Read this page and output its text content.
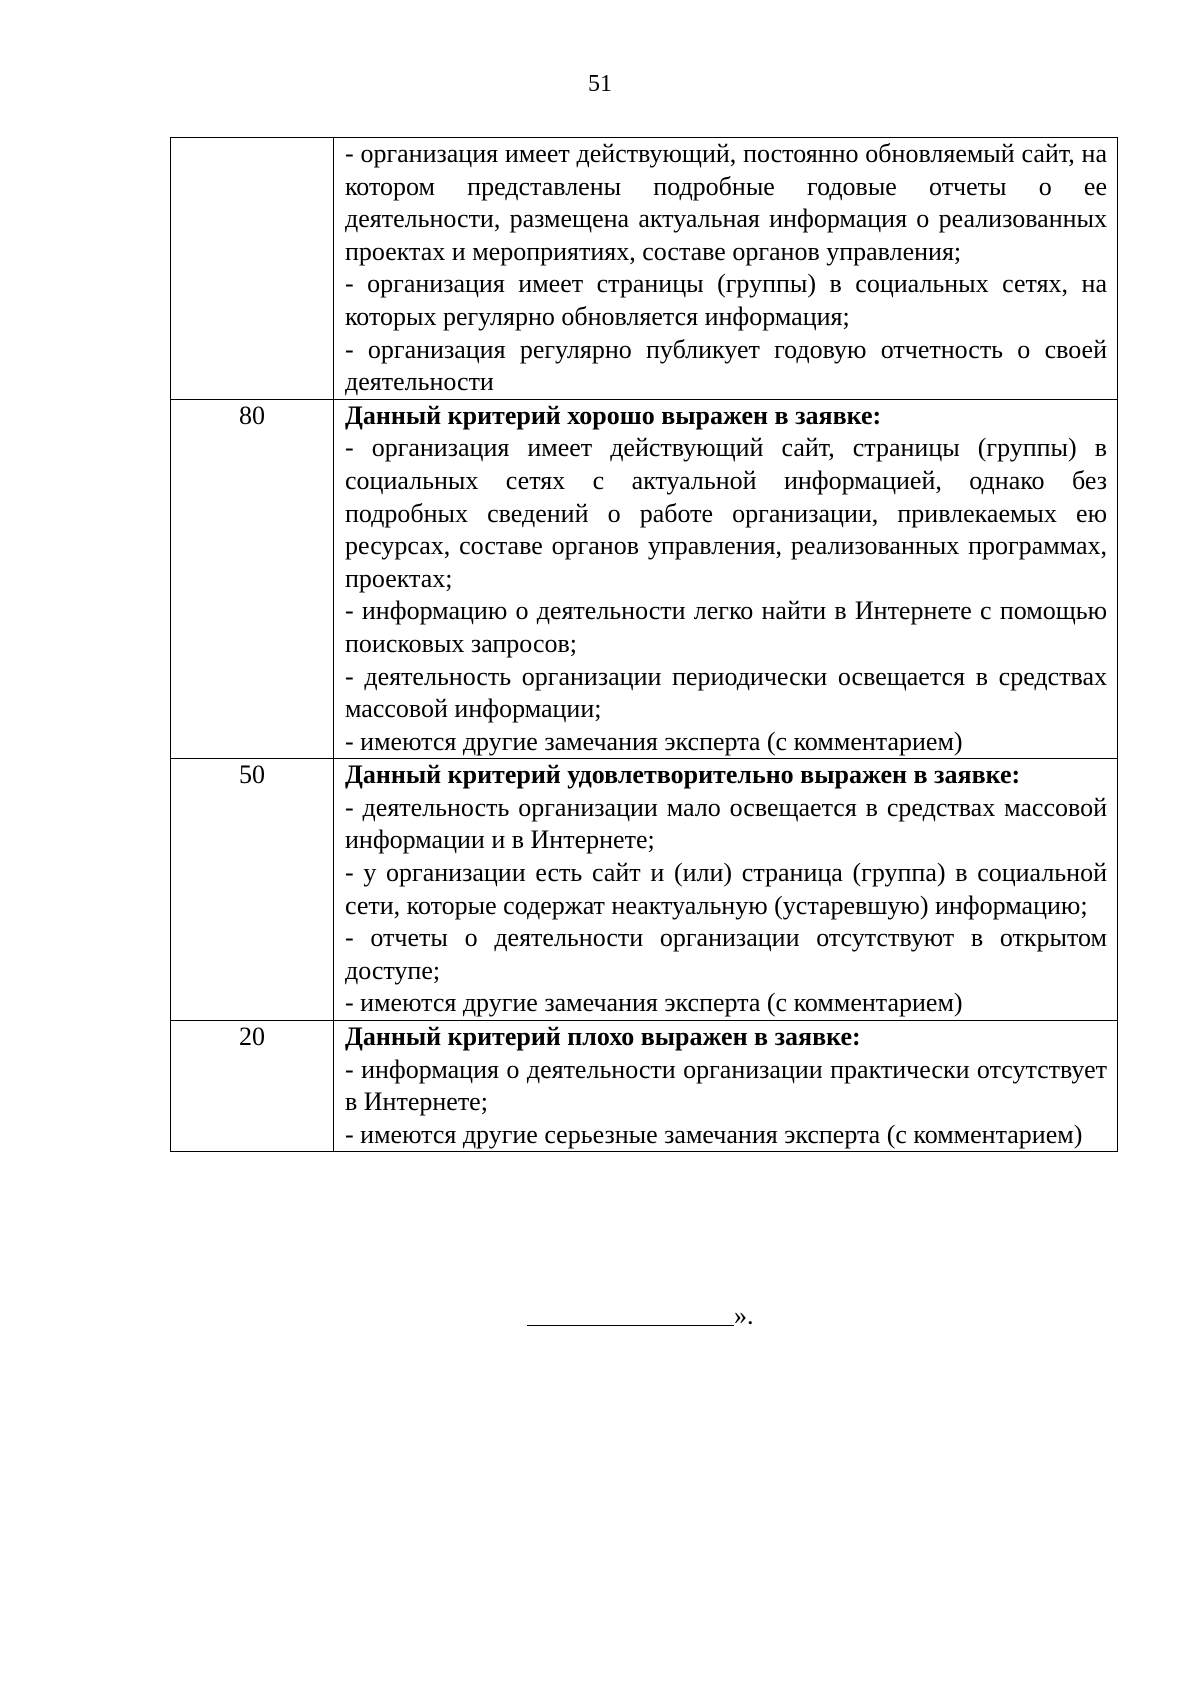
51

	- организация имеет действующий, постоянно обновляемый сайт, на котором представлены подробные годовые отчеты о ее деятельности, размещена актуальная информация о реализованных проектах и мероприятиях, составе органов управления;

- организация имеет страницы (группы) в социальных сетях, на которых регулярно обновляется информация;

- организация регулярно публикует годовую отчетность о своей деятельности

80	Данный критерий хорошо выражен в заявке:

- организация имеет действующий сайт, страницы (группы) в социальных сетях с актуальной информацией, однако без подробных сведений о работе организации, привлекаемых ею ресурсах, составе органов управления, реализованных программах, проектах;

- информацию о деятельности легко найти в Интернете с помощью поисковых запросов;

- деятельность организации периодически освещается в средствах массовой информации;

- имеются другие замечания эксперта (с комментарием)

50	Данный критерий удовлетворительно выражен в заявке:

- деятельность организации мало освещается в средствах массовой информации и в Интернете;

- у организации есть сайт и (или) страница (группа) в социальной сети, которые содержат неактуальную (устаревшую) информацию;

- отчеты о деятельности организации отсутствуют в открытом доступе;

- имеются другие замечания эксперта (с комментарием)

20	Данный критерий плохо выражен в заявке:

- информация о деятельности организации практически отсутствует в Интернете;

- имеются другие серьезные замечания эксперта (с комментарием)

».
